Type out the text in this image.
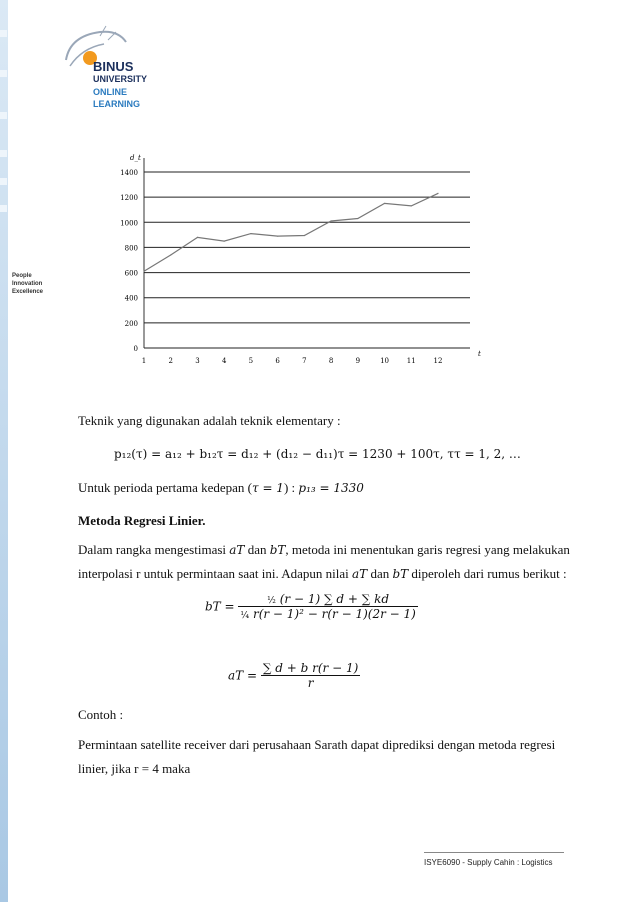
BINUS
UNIVERSITY
ONLINE
LEARNING
People
Innovation
Excellence
0
200
400
600
800
1000
1200
1400
1	2	3	4	5	6	7	8	9	10	11	12
d_t
t
Teknik yang digunakan adalah teknik elementary :
p₁₂(τ) = a₁₂ + b₁₂τ = d₁₂ + (d₁₂ − d₁₁)τ = 1230 + 100τ, ττ = 1, 2, …
Untuk perioda pertama kedepan (τ = 1) : p₁₃ = 1330
Metoda Regresi Linier.
Dalam rangka mengestimasi aT dan bT, metoda ini menentukan garis regresi yang melakukan
interpolasi r untuk permintaan saat ini. Adapun nilai aT dan bT diperoleh dari rumus berikut :
bT = $\frac{\text{½ (r − 1) ∑ d + ∑ kd}}{\text{¼ r(r − 1)² − r(r − 1)(2r − 1)}}$
aT = $\frac{\text{∑ d + b r(r − 1)}}{r}$
Contoh :
Permintaan satellite receiver dari perusahaan Sarath dapat diprediksi dengan metoda regresi
linier, jika r = 4 maka
ISYE6090 - Supply Cahin : Logistics
